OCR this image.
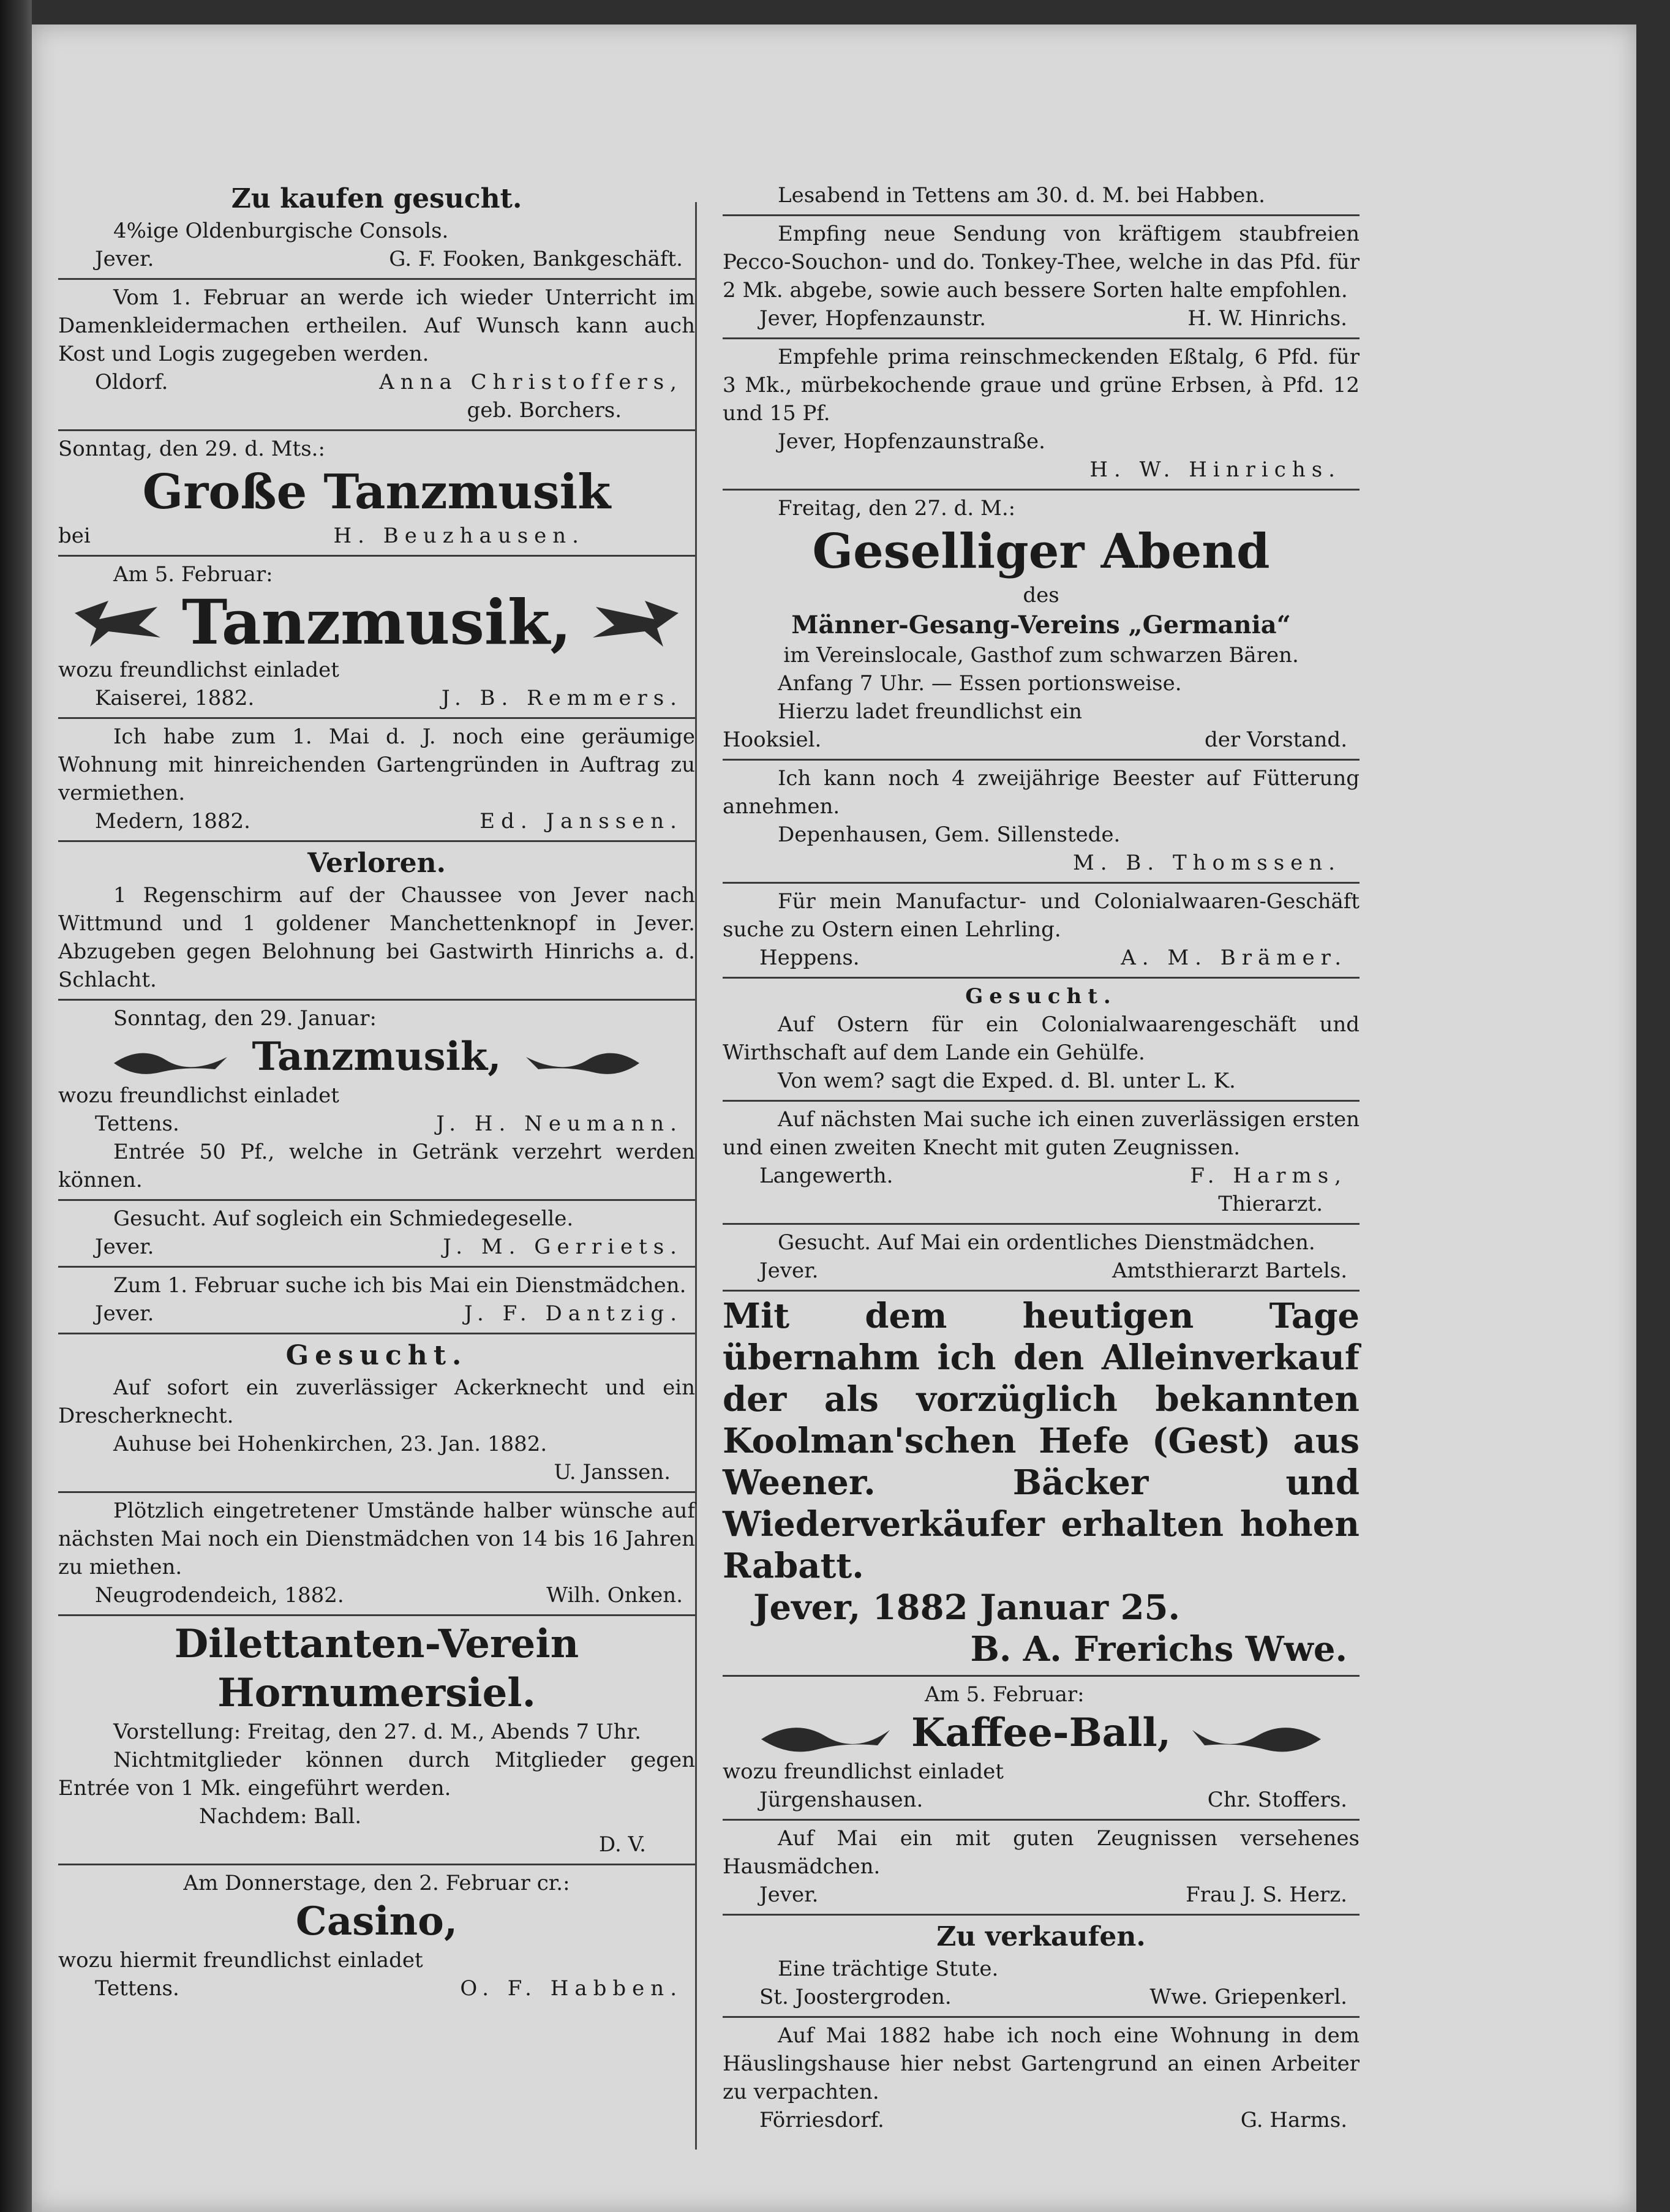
Zu kaufen gesucht.

4%ige Oldenburgische Consols.

Jever.	G. F. Fooken, Bankgeschäft.

Vom 1. Februar an werde ich wieder Unterricht im Damenkleidermachen ertheilen. Auf Wunsch kann auch Kost und Logis zugegeben werden.

Oldorf.	Anna Christoffers,

geb. Borchers.

Sonntag, den 29. d. Mts.:

Große Tanzmusik

bei	H. Beuzhausen.

Am 5. Februar:

Tanzmusik,

wozu freundlichst einladet

Kaiserei, 1882.	J. B. Remmers.

Ich habe zum 1. Mai d. J. noch eine geräumige Wohnung mit hinreichenden Gartengründen in Auftrag zu vermiethen.

Medern, 1882.	Ed. Janssen.

Verloren.

1 Regenschirm auf der Chaussee von Jever nach Wittmund und 1 goldener Manchettenknopf in Jever. Abzugeben gegen Belohnung bei Gastwirth Hinrichs a. d. Schlacht.

Sonntag, den 29. Januar:

Tanzmusik,

wozu freundlichst einladet

Tettens.	J. H. Neumann.

Entrée 50 Pf., welche in Getränk verzehrt werden können.

Gesucht. Auf sogleich ein Schmiedegeselle.

Jever.	J. M. Gerriets.

Zum 1. Februar suche ich bis Mai ein Dienstmädchen.

Jever.	J. F. Dantzig.

Gesucht.

Auf sofort ein zuverlässiger Ackerknecht und ein Drescherknecht.

Auhuse bei Hohenkirchen, 23. Jan. 1882.

U. Janssen.

Plötzlich eingetretener Umstände halber wünsche auf nächsten Mai noch ein Dienstmädchen von 14 bis 16 Jahren zu miethen.

Neugrodendeich, 1882.	Wilh. Onken.

Dilettanten-Verein

Hornumersiel.

Vorstellung: Freitag, den 27. d. M., Abends 7 Uhr.

Nichtmitglieder können durch Mitglieder gegen Entrée von 1 Mk. eingeführt werden.

Nachdem: Ball.

D. V.

Am Donnerstage, den 2. Februar cr.:

Casino,

wozu hiermit freundlichst einladet

Tettens.	O. F. Habben.

Lesabend in Tettens am 30. d. M. bei Habben.

Empfing neue Sendung von kräftigem staubfreien Pecco-Souchon- und do. Tonkey-Thee, welche in das Pfd. für 2 Mk. abgebe, sowie auch bessere Sorten halte empfohlen.

Jever, Hopfenzaunstr.	H. W. Hinrichs.

Empfehle prima reinschmeckenden Eßtalg, 6 Pfd. für 3 Mk., mürbekochende graue und grüne Erbsen, à Pfd. 12 und 15 Pf.

Jever, Hopfenzaunstraße.

H. W. Hinrichs.

Freitag, den 27. d. M.:

Geselliger Abend

des

Männer-Gesang-Vereins „Germania“

im Vereinslocale, Gasthof zum schwarzen Bären.

Anfang 7 Uhr. — Essen portionsweise.

Hierzu ladet freundlichst ein

Hooksiel.	der Vorstand.

Ich kann noch 4 zweijährige Beester auf Fütterung annehmen.

Depenhausen, Gem. Sillenstede.

M. B. Thomssen.

Für mein Manufactur- und Colonialwaaren-Geschäft suche zu Ostern einen Lehrling.

Heppens.	A. M. Brämer.

Gesucht.

Auf Ostern für ein Colonialwaarengeschäft und Wirthschaft auf dem Lande ein Gehülfe.

Von wem? sagt die Exped. d. Bl. unter L. K.

Auf nächsten Mai suche ich einen zuverlässigen ersten und einen zweiten Knecht mit guten Zeugnissen.

Langewerth.	F. Harms,

Thierarzt.

Gesucht. Auf Mai ein ordentliches Dienstmädchen.

Jever.	Amtsthierarzt Bartels.

Mit dem heutigen Tage übernahm ich den Alleinverkauf der als vorzüglich bekannten Koolman'schen Hefe (Gest) aus Weener. Bäcker und Wiederverkäufer erhalten hohen Rabatt.

Jever, 1882 Januar 25.

B. A. Frerichs Wwe.

Am 5. Februar:

Kaffee-Ball,

wozu freundlichst einladet

Jürgenshausen.	Chr. Stoffers.

Auf Mai ein mit guten Zeugnissen versehenes Hausmädchen.

Jever.	Frau J. S. Herz.

Zu verkaufen.

Eine trächtige Stute.

St. Joostergroden.	Wwe. Griepenkerl.

Auf Mai 1882 habe ich noch eine Wohnung in dem Häuslingshause hier nebst Gartengrund an einen Arbeiter zu verpachten.

Förriesdorf.	G. Harms.
